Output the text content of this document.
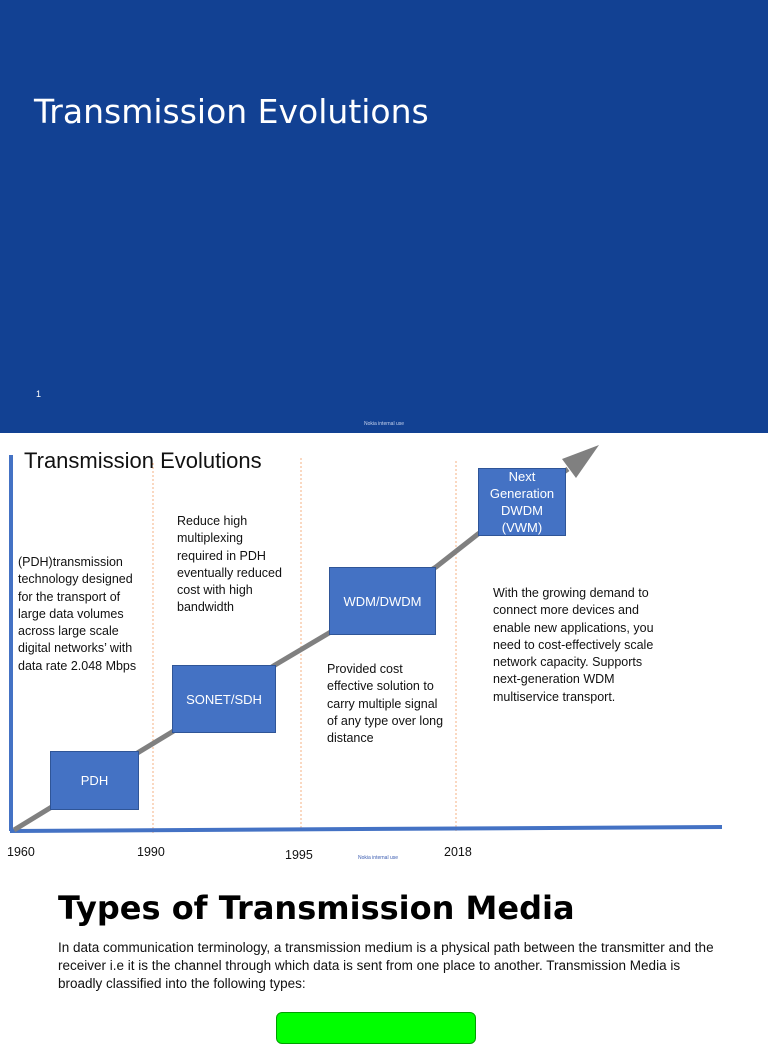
Transmission Evolutions
1
Nokia internal use
Transmission Evolutions
PDH
SONET/SDH
WDM/DWDM
Next Generation DWDM (VWM)
(PDH)transmission technology designed for the transport of large data volumes across large scale digital networks’ with data rate 2.048 Mbps
Reduce high multiplexing required in PDH eventually reduced cost with high bandwidth
Provided cost effective solution to carry multiple signal of any type over long distance
With the growing demand to connect more devices and enable new applications, you need to cost-effectively scale network capacity. Supports next-generation WDM multiservice transport.
1960	1990	1995	2018
Nokia internal use
Types of Transmission Media
In data communication terminology, a transmission medium is a physical path between the transmitter and the receiver i.e it is the channel through which data is sent from one place to another. Transmission Media is broadly classified into the following types:
